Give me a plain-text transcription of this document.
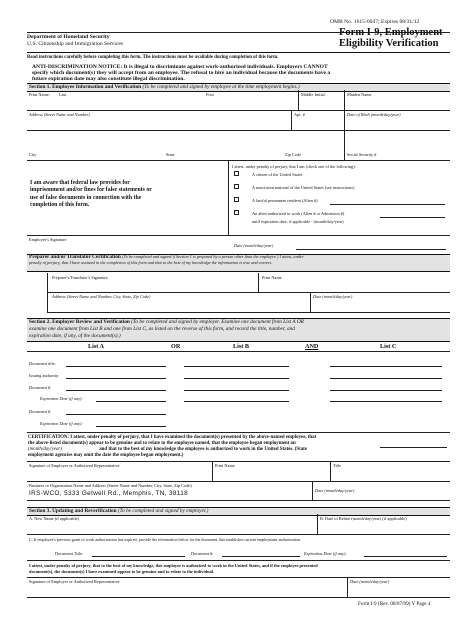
OMB No. 1615-0047; Expires 08/31/12
Department of Homeland Security
U.S. Citizenship and Immigration Services
Form I-9, Employment
Eligibility Verification
Read instructions carefully before completing this form. The instructions must be available during completion of this form.
ANTI-DISCRIMINATION NOTICE: It is illegal to discriminate against work-authorized individuals. Employers CANNOT
specify which document(s) they will accept from an employee. The refusal to hire an individual because the documents have a
future expiration date may also constitute illegal discrimination.
Section 1. Employee Information and Verification (To be completed and signed by employee at the time employment begins.)
Print Name: Last	First	Middle Initial	Maiden Name
Address (Street Name and Number)	Apt. #	Date of Birth (month/day/year)
City	State	Zip Code	Social Security #
I am aware that federal law provides for
imprisonment and/or fines for false statements or
use of false documents in connection with the
completion of this form.
I attest, under penalty of perjury, that I am (check one of the following):
A citizen of the United States
A noncitizen national of the United States (see instructions)
A lawful permanent resident (Alien #)
An alien authorized to work (Alien # or Admission #)
until expiration date, if applicable - (month/day/year)
Employee's Signature
Date (month/day/year)
Preparer and/or Translator Certification (To be completed and signed if Section 1 is prepared by a person other than the employee.) I attest, under
penalty of perjury, that I have assisted in the completion of this form and that to the best of my knowledge the information is true and correct.
Preparer's/Translator's Signature	Print Name
Address (Street Name and Number, City, State, Zip Code)	Date (month/day/year)
Section 2. Employer Review and Verification (To be completed and signed by employer. Examine one document from List A OR
examine one document from List B and one from List C, as listed on the reverse of this form, and record the title, number, and
expiration date, if any, of the document(s).)
List A	OR	List B	AND	List C
Document title:
Issuing authority:
Document #:
Expiration Date (if any):
Document #:
Expiration Date (if any):
CERTIFICATION: I attest, under penalty of perjury, that I have examined the document(s) presented by the above-named employee, that
the above-listed document(s) appear to be genuine and to relate to the employee named, that the employee began employment on
(month/day/year)	and that to the best of my knowledge the employee is authorized to work in the United States. (State
employment agencies may omit the date the employee began employment.)
Signature of Employer or Authorized Representative	Print Name	Title
Business or Organization Name and Address (Street Name and Number, City, State, Zip Code)
IRS-WCO, 5333 Getwell Rd., Memphis, TN, 38118	Date (month/day/year)
Section 3. Updating and Reverification (To be completed and signed by employer.)
A. New Name (if applicable)	B. Date of Rehire (month/day/year) (if applicable)
C. If employee's previous grant of work authorization has expired, provide the information below for the document that establishes current employment authorization.
Document Title:	Document #:	Expiration Date (if any):
I attest, under penalty of perjury, that to the best of my knowledge, this employee is authorized to work in the United States, and if the employee presented
document(s), the document(s) I have examined appear to be genuine and to relate to the individual.
Signature of Employer or Authorized Representative	Date (month/day/year)
Form I-9 (Rev. 08/07/09) Y Page 4
